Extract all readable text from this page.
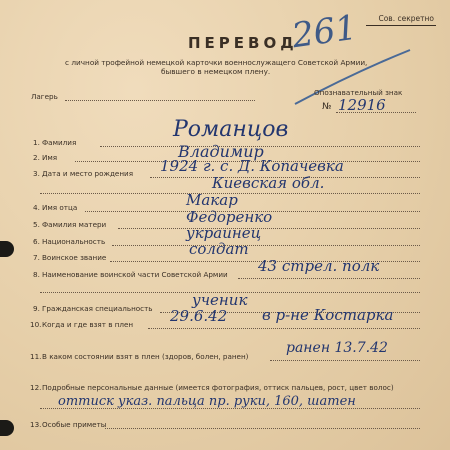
Сов. секретно
261
ПЕРЕВОД
с личной трофейной немецкой карточки военнослужащего Советской Армии,
бывшего в немецком плену.
Лагерь	Опознавательный знак
№ 12916
1. Фамилия
Романцов
2. Имя	Владимир
3. Дата и место рождения 1924 г. с. Д. Копачевка
Киевская обл.
4. Имя отца	Макар
5. Фамилия матери	Федоренко
6. Национальность	украинец
7. Воинское звание	солдат
8. Наименование воинской части Советской Армии 43 стрел. полк
9. Гражданская специальность	ученик
10. Когда и где взят в плен 29.6.42 в р-не Костарка
11. В каком состоянии взят в плен (здоров, болен, ранен)
ранен 13.7.42
12. Подробные персональные данные (имеется фотография, оттиск пальцев, рост, цвет волос)
оттиск указ. пальца пр. руки, 160, шатен
13. Особые приметы
